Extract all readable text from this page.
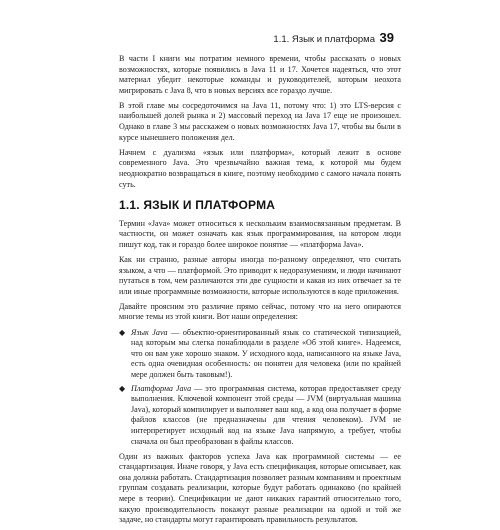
1.1. Язык и платформа 39

В части I книги мы потратим немного времени, чтобы рассказать о новых возможностях, которые появились в Java 11 и 17. Хочется надеяться, что этот материал убедит некоторые команды и руководителей, которым неохота мигрировать с Java 8, что в новых версиях все гораздо лучше.

В этой главе мы сосредоточимся на Java 11, потому что: 1) это LTS-версия с наибольшей долей рынка и 2) массовый переход на Java 17 еще не произошел. Однако в главе 3 мы расскажем о новых возможностях Java 17, чтобы вы были в курсе нынешнего положения дел.

Начнем с дуализма «язык или платформа», который лежит в основе современного Java. Это чрезвычайно важная тема, к которой мы будем неоднократно возвращаться в книге, поэтому необходимо с самого начала понять суть.

1.1. ЯЗЫК И ПЛАТФОРМА

Термин «Java» может относиться к нескольким взаимосвязанным предметам. В частности, он может означать как язык программирования, на котором люди пишут код, так и гораздо более широкое понятие — «платформа Java».

Как ни странно, разные авторы иногда по-разному определяют, что считать языком, а что — платформой. Это приводит к недоразумениям, и люди начинают путаться в том, чем различаются эти две сущности и какая из них отвечает за те или иные программные возможности, которые используются в коде приложения.

Давайте проясним это различие прямо сейчас, потому что на него опираются многие темы из этой книги. Вот наши определения:

◆ Язык Java — объектно-ориентированный язык со статической типизацией, над которым мы слегка понаблюдали в разделе «Об этой книге». Надеемся, что он вам уже хорошо знаком. У исходного кода, написанного на языке Java, есть одна очевидная особенность: он понятен для человека (или по крайней мере должен быть таковым!).
◆ Платформа Java — это программная система, которая предоставляет среду выполнения. Ключевой компонент этой среды — JVM (виртуальная машина Java), который компилирует и выполняет ваш код, а код она получает в форме файлов классов (не предназначены для чтения человеком). JVM не интерпретирует исходный код на языке Java напрямую, а требует, чтобы сначала он был преобразован в файлы классов.

Один из важных факторов успеха Java как программной системы — ее стандартизация. Иначе говоря, у Java есть спецификация, которые описывает, как она должна работать. Стандартизация позволяет разным компаниям и проектным группам создавать реализации, которые будут работать одинаково (по крайней мере в теории). Спецификации не дают никаких гарантий относительно того, какую производительность покажут разные реализации на одной и той же задаче, но стандарты могут гарантировать правильность результатов.
